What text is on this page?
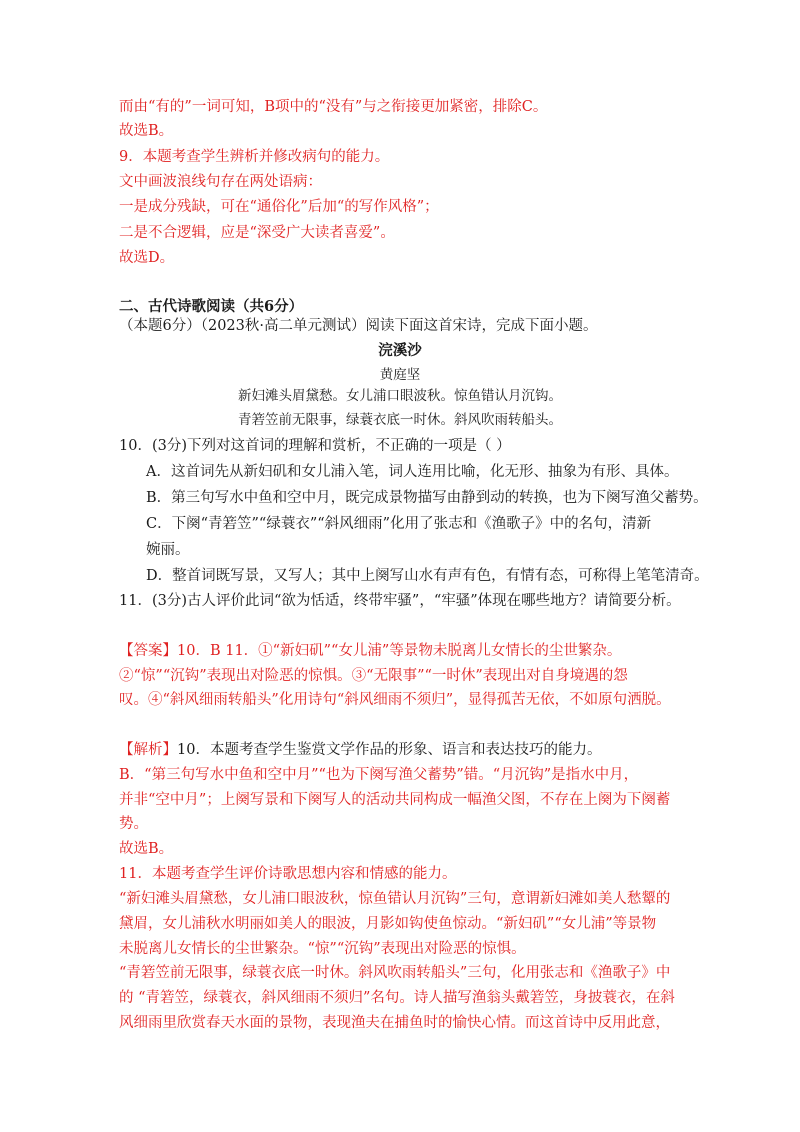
而由“有的”一词可知，B项中的“没有”与之衔接更加紧密，排除C。
故选B。
9．本题考查学生辨析并修改病句的能力。
文中画波浪线句存在两处语病：
一是成分残缺，可在“通俗化”后加“的写作风格”；
二是不合逻辑，应是“深受广大读者喜爱”。
故选D。
二、古代诗歌阅读（共6分）
（本题6分）（2023秋·高二单元测试）阅读下面这首宋诗，完成下面小题。
浣溪沙
黄庭坚
新妇滩头眉黛愁。女儿浦口眼波秋。惊鱼错认月沉钩。
青箬笠前无限事，绿蓑衣底一时休。斜风吹雨转船头。
10．(3分)下列对这首词的理解和赏析，不正确的一项是（ ）
A．这首词先从新妇矶和女儿浦入笔，词人连用比喻，化无形、抽象为有形、具体。
B．第三句写水中鱼和空中月，既完成景物描写由静到动的转换，也为下阕写渔父蓄势。
C．下阕“青箬笠”“绿蓑衣”“斜风细雨”化用了张志和《渔歌子》中的名句，清新
婉丽。
D．整首词既写景，又写人；其中上阕写山水有声有色，有情有态，可称得上笔笔清奇。
11．(3分)古人评价此词“欲为恬适，终带牢骚”，“牢骚”体现在哪些地方？请简要分析。
【答案】10．B 11．①“新妇矶”“女儿浦”等景物未脱离儿女情长的尘世繁杂。
②“惊”“沉钩”表现出对险恶的惊惧。③“无限事”“一时休”表现出对自身境遇的怨
叹。④“斜风细雨转船头”化用诗句“斜风细雨不须归”，显得孤苦无依，不如原句洒脱。
【解析】10．本题考查学生鉴赏文学作品的形象、语言和表达技巧的能力。
B．“第三句写水中鱼和空中月”“也为下阕写渔父蓄势”错。“月沉钩”是指水中月，
并非“空中月”；上阕写景和下阕写人的活动共同构成一幅渔父图，不存在上阕为下阕蓄
势。
故选B。
11．本题考查学生评价诗歌思想内容和情感的能力。
“新妇滩头眉黛愁，女儿浦口眼波秋，惊鱼错认月沉钩”三句，意谓新妇滩如美人愁颦的
黛眉，女儿浦秋水明丽如美人的眼波，月影如钩使鱼惊动。“新妇矶”“女儿浦”等景物
未脱离儿女情长的尘世繁杂。“惊”“沉钩”表现出对险恶的惊惧。
“青箬笠前无限事，绿蓑衣底一时休。斜风吹雨转船头”三句，化用张志和《渔歌子》中
的 “青箬笠，绿蓑衣，斜风细雨不须归”名句。诗人描写渔翁头戴箬笠，身披蓑衣，在斜
风细雨里欣赏春天水面的景物，表现渔夫在捕鱼时的愉快心情。而这首诗中反用此意，
